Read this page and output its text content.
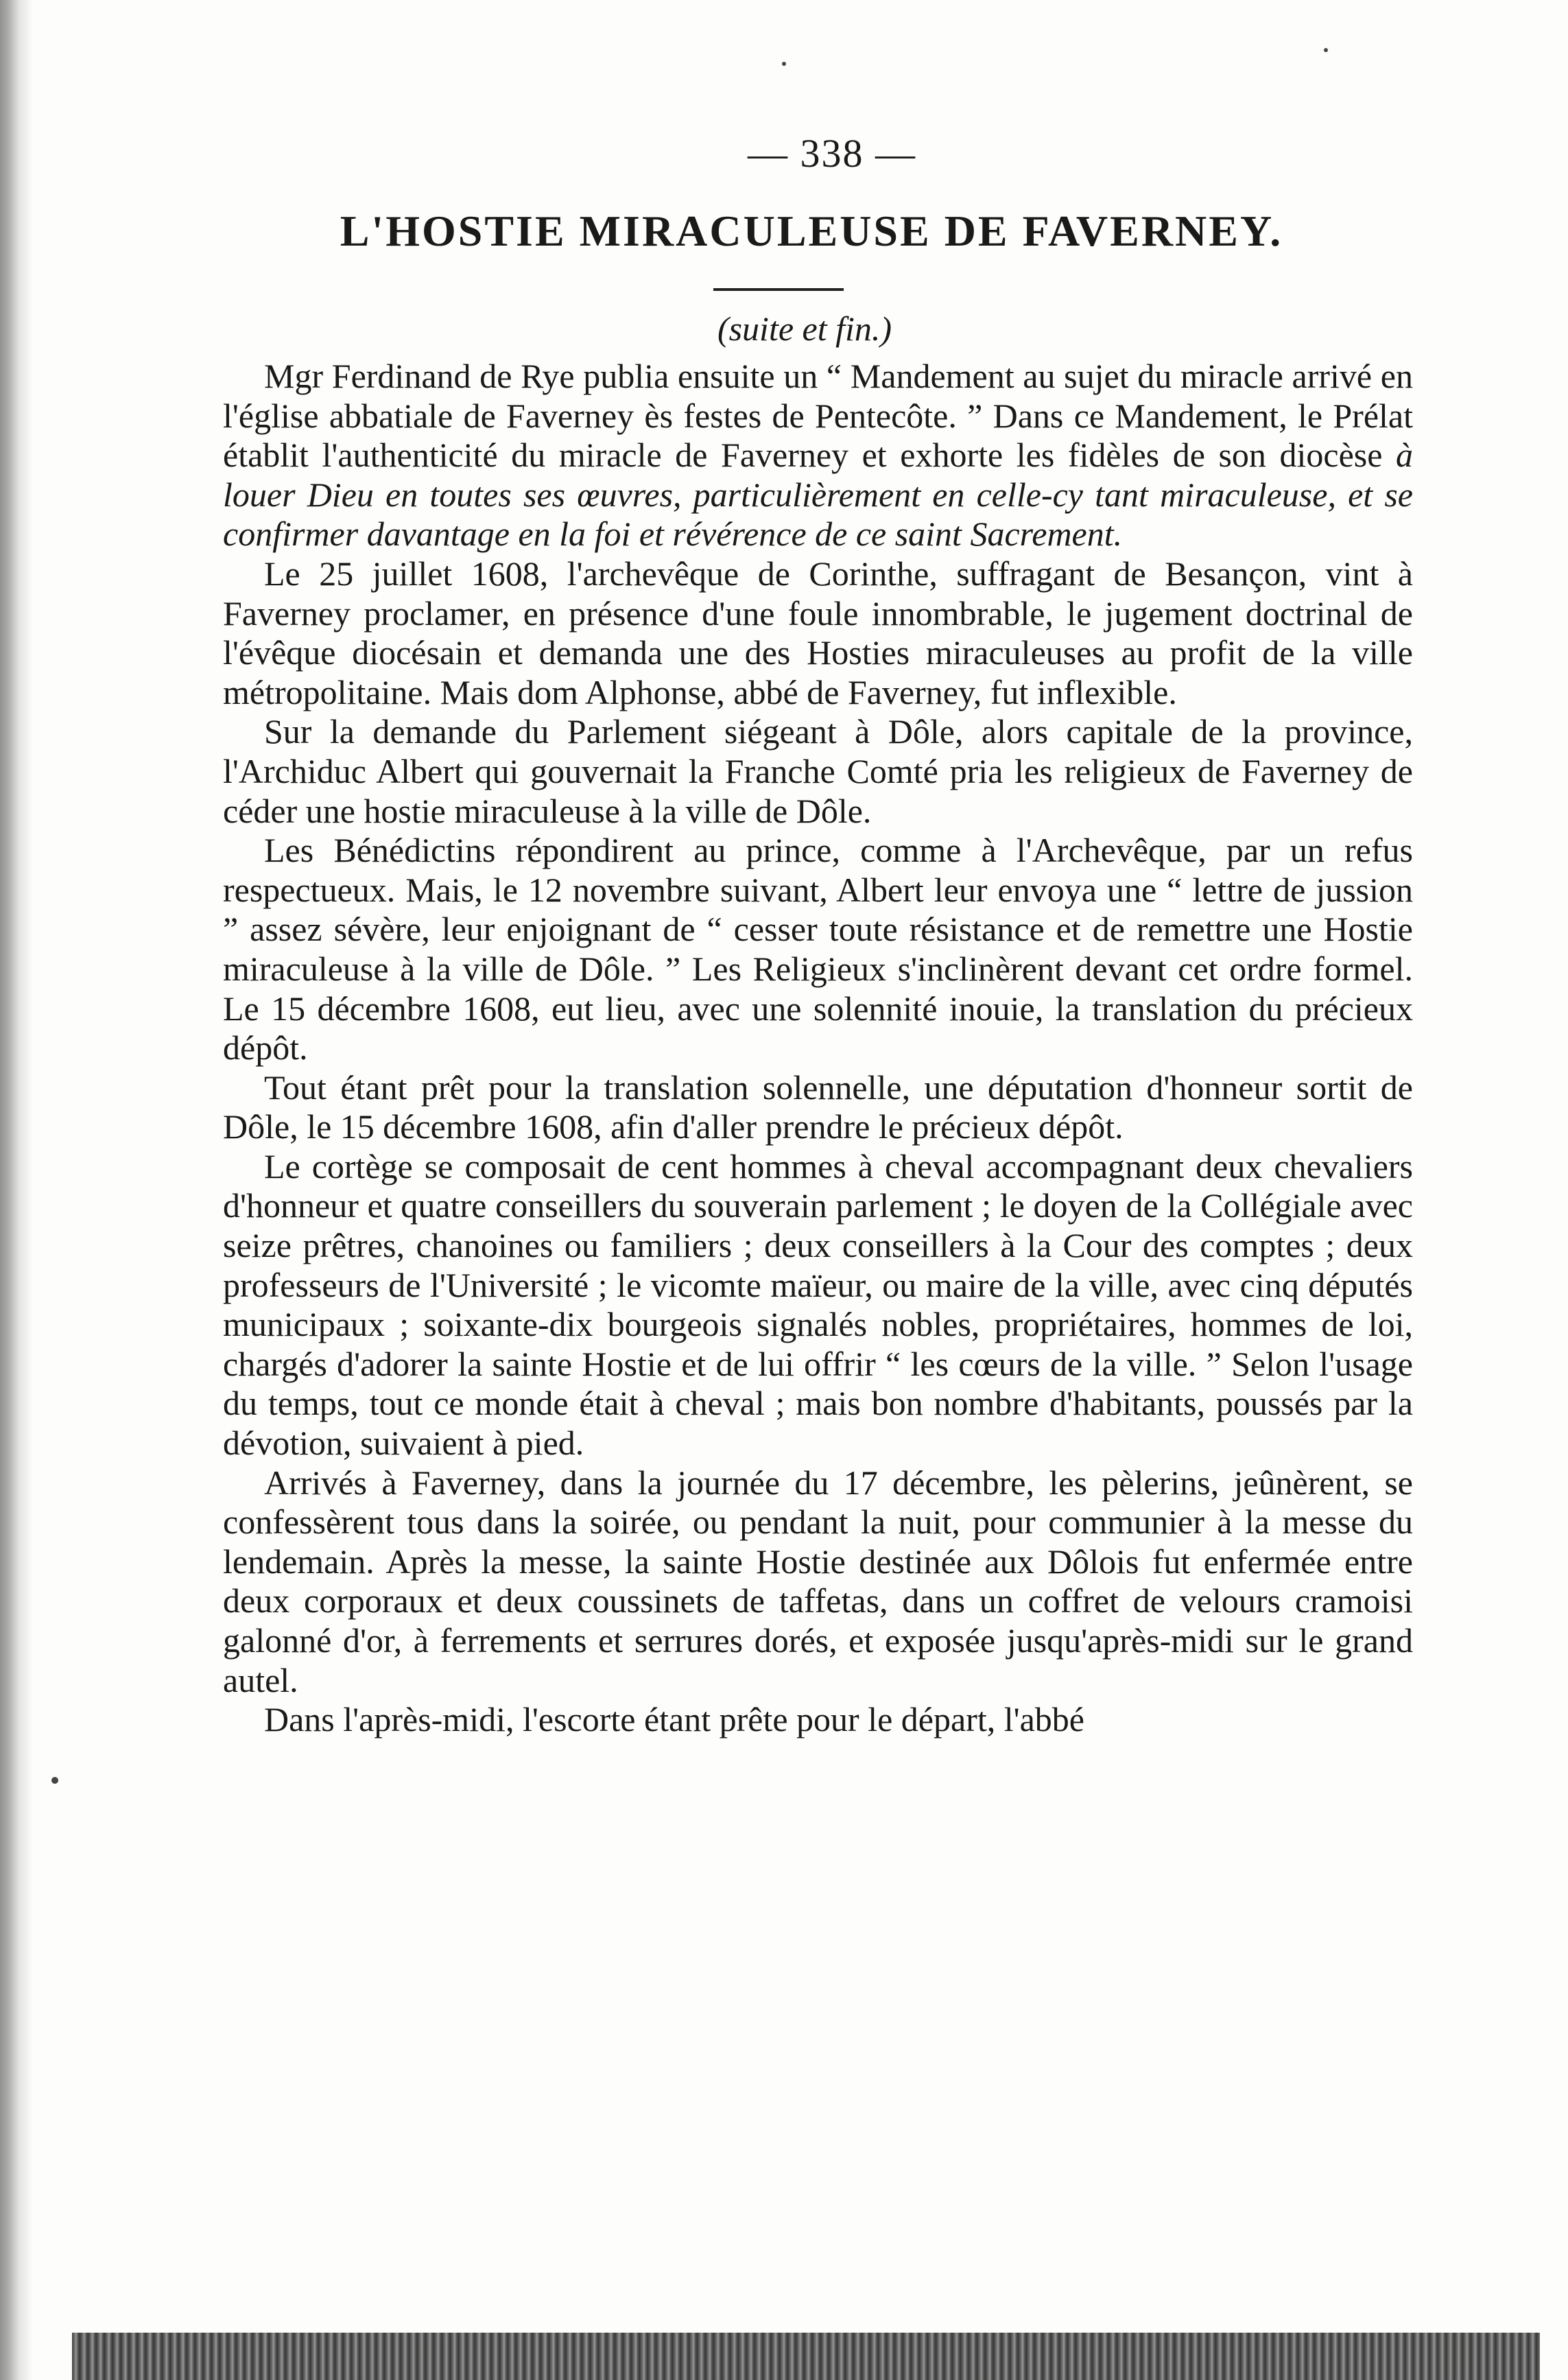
— 338 —
L'HOSTIE MIRACULEUSE DE FAVERNEY.
(suite et fin.)

Mgr Ferdinand de Rye publia ensuite un “ Mandement au sujet du miracle arrivé en l'église abbatiale de Faverney ès festes de Pentecôte. ” Dans ce Mandement, le Prélat établit l'authenticité du miracle de Faverney et exhorte les fidèles de son diocèse à louer Dieu en toutes ses œuvres, particulièrement en celle-cy tant miraculeuse, et se confirmer davantage en la foi et révérence de ce saint Sacrement.

Le 25 juillet 1608, l'archevêque de Corinthe, suffragant de Besançon, vint à Faverney proclamer, en présence d'une foule innombrable, le jugement doctrinal de l'évêque diocésain et demanda une des Hosties miraculeuses au profit de la ville métropolitaine. Mais dom Alphonse, abbé de Faverney, fut inflexible.

Sur la demande du Parlement siégeant à Dôle, alors capitale de la province, l'Archiduc Albert qui gouvernait la Franche Comté pria les religieux de Faverney de céder une hostie miraculeuse à la ville de Dôle.

Les Bénédictins répondirent au prince, comme à l'Archevêque, par un refus respectueux. Mais, le 12 novembre suivant, Albert leur envoya une “ lettre de jussion ” assez sévère, leur enjoignant de “ cesser toute résistance et de remettre une Hostie miraculeuse à la ville de Dôle. ” Les Religieux s'inclinèrent devant cet ordre formel. Le 15 décembre 1608, eut lieu, avec une solennité inouie, la translation du précieux dépôt.

Tout étant prêt pour la translation solennelle, une députation d'honneur sortit de Dôle, le 15 décembre 1608, afin d'aller prendre le précieux dépôt.

Le cortège se composait de cent hommes à cheval accompagnant deux chevaliers d'honneur et quatre conseillers du souverain parlement ; le doyen de la Collégiale avec seize prêtres, chanoines ou familiers ; deux conseillers à la Cour des comptes ; deux professeurs de l'Université ; le vicomte maïeur, ou maire de la ville, avec cinq députés municipaux ; soixante-dix bourgeois signalés nobles, propriétaires, hommes de loi, chargés d'adorer la sainte Hostie et de lui offrir “ les cœurs de la ville. ” Selon l'usage du temps, tout ce monde était à cheval ; mais bon nombre d'habitants, poussés par la dévotion, suivaient à pied.

Arrivés à Faverney, dans la journée du 17 décembre, les pèlerins, jeûnèrent, se confessèrent tous dans la soirée, ou pendant la nuit, pour communier à la messe du lendemain. Après la messe, la sainte Hostie destinée aux Dôlois fut enfermée entre deux corporaux et deux coussinets de taffetas, dans un coffret de velours cramoisi galonné d'or, à ferrements et serrures dorés, et exposée jusqu'après-midi sur le grand autel.

Dans l'après-midi, l'escorte étant prête pour le départ, l'abbé
